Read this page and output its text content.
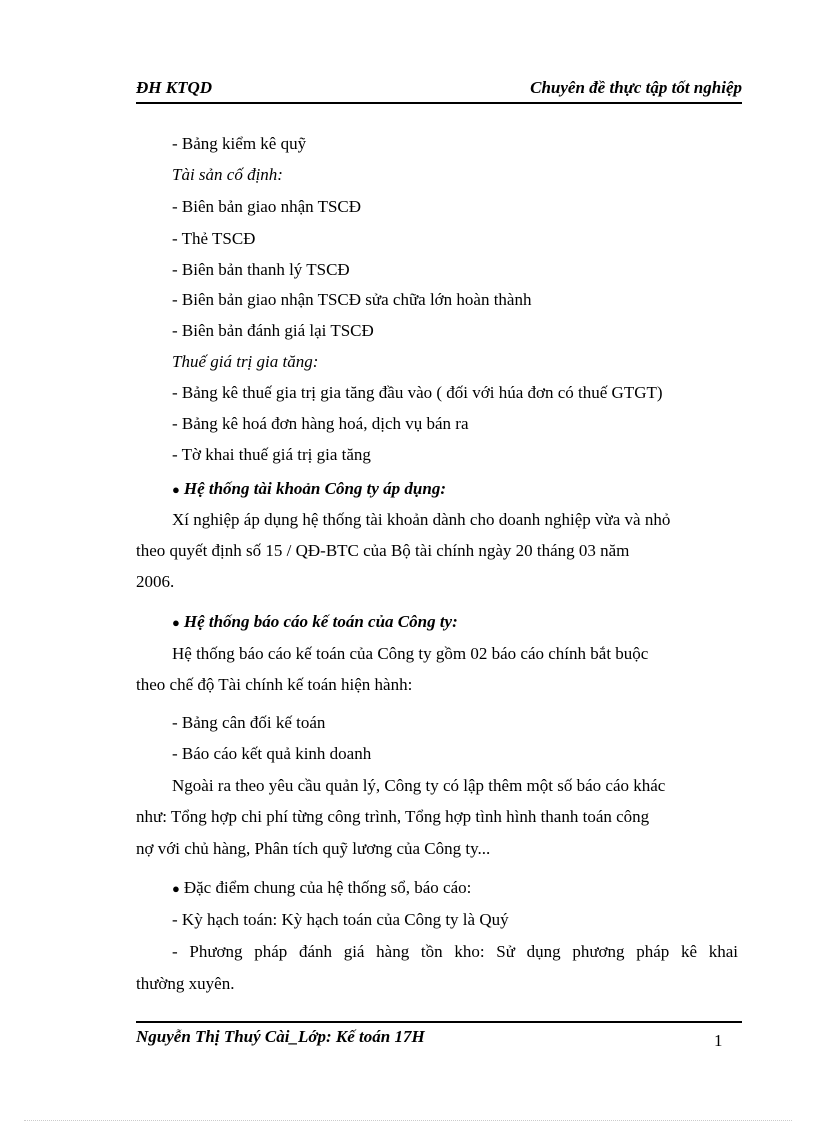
ĐH KTQD	Chuyên đề thực tập tốt nghiệp
- Bảng kiểm kê quỹ
Tài sản cố định:
- Biên bản giao nhận TSCĐ
- Thẻ TSCĐ
- Biên bản thanh lý TSCĐ
- Biên bản giao nhận TSCĐ sửa chữa lớn hoàn thành
- Biên bản đánh giá lại TSCĐ
Thuế giá trị gia tăng:
- Bảng kê thuế gia trị gia tăng đầu vào ( đối với húa đơn có thuế GTGT)
- Bảng kê hoá đơn hàng hoá, dịch vụ bán ra
- Tờ khai thuế giá trị gia tăng
● Hệ thống tài khoản Công ty áp dụng:
Xí nghiệp áp dụng hệ thống tài khoản dành cho doanh nghiệp vừa và nhỏ
theo quyết định số 15 / QĐ-BTC của Bộ tài chính ngày 20 tháng 03 năm
2006.
● Hệ thống báo cáo kế toán của Công ty:
Hệ thống báo cáo kế toán của Công ty gồm 02 báo cáo chính bắt buộc
theo chế độ Tài chính kế toán hiện hành:
- Bảng cân đối kế toán
- Báo cáo kết quả kinh doanh
Ngoài ra theo yêu cầu quản lý, Công ty có lập thêm một số báo cáo khác
như: Tổng hợp chi phí từng công trình, Tổng hợp tình hình thanh toán công
nợ với chủ hàng, Phân tích quỹ lương của Công ty...
● Đặc điểm chung của hệ thống sổ, báo cáo:
- Kỳ hạch toán: Kỳ hạch toán của Công ty là Quý
- Phương pháp đánh giá hàng tồn kho: Sử dụng phương pháp kê khai
thường xuyên.
Nguyễn Thị Thuý Cài_Lớp: Kế toán 17H	1
